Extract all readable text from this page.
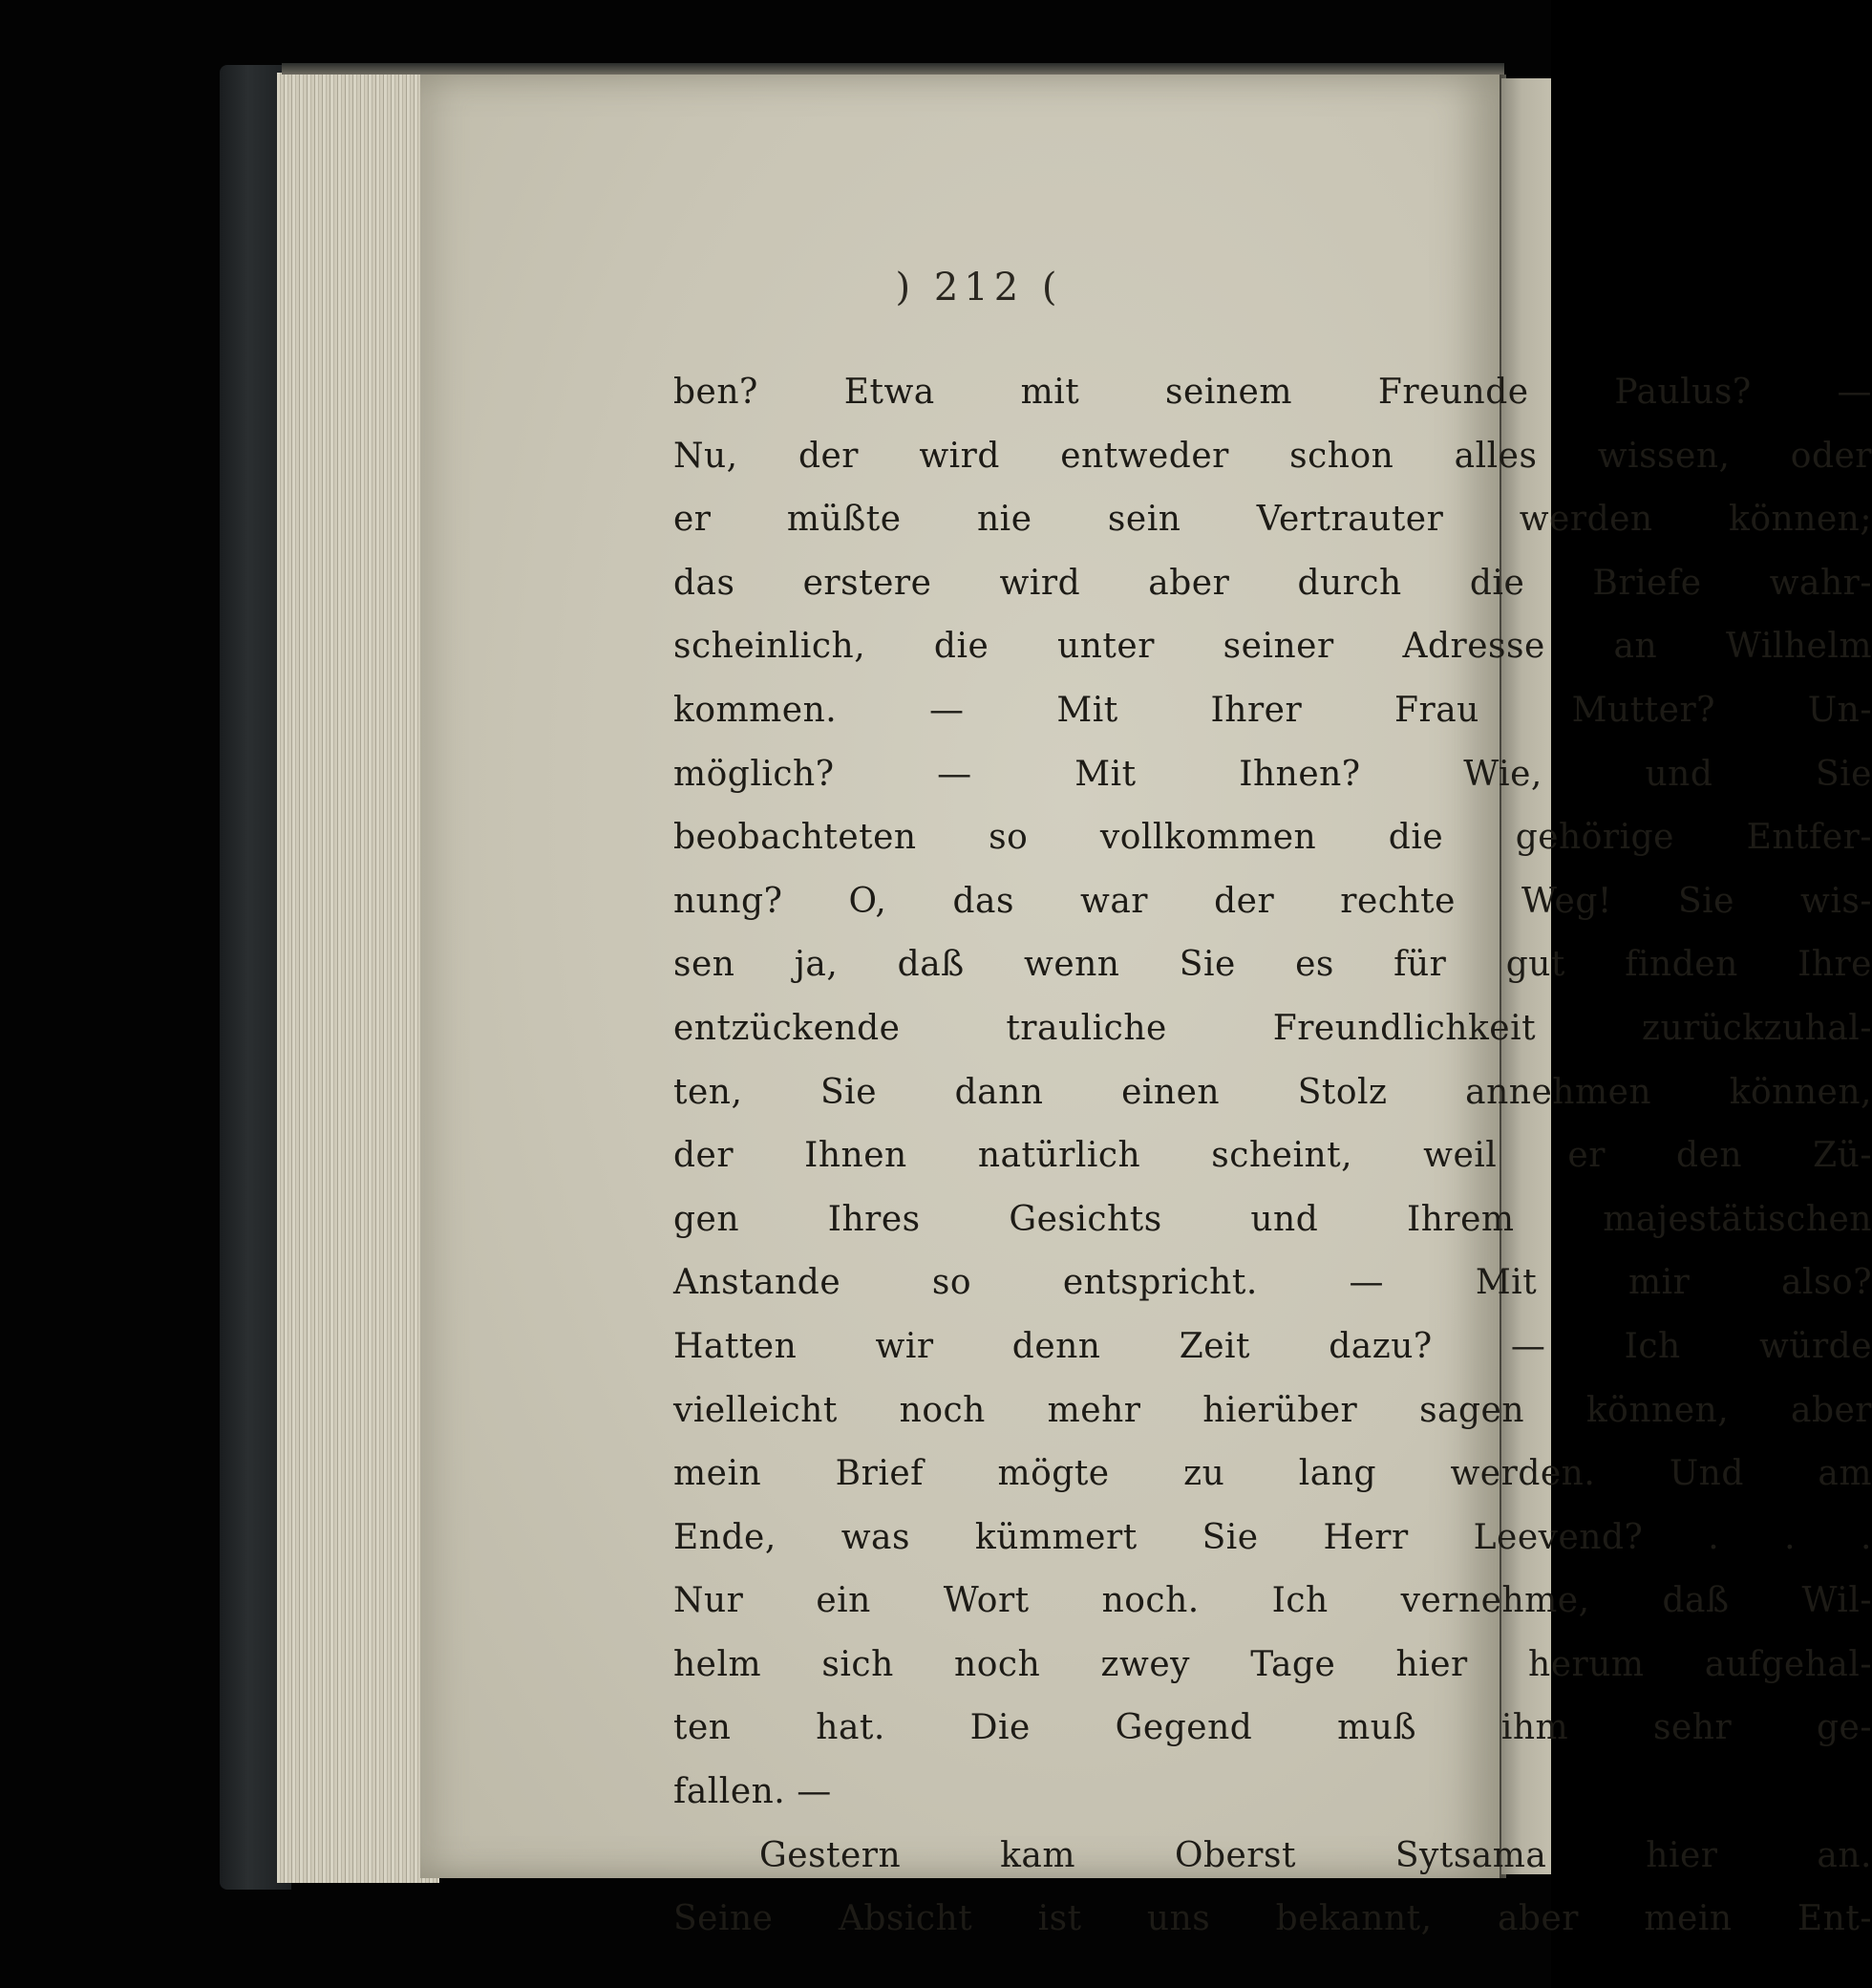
) 212 (

ben? Etwa mit seinem Freunde Paulus? —
Nu, der wird entweder schon alles wissen, oder
er müßte nie sein Vertrauter werden können;
das erstere wird aber durch die Briefe wahr-
scheinlich, die unter seiner Adresse an Wilhelm
kommen. — Mit Ihrer Frau Mutter? Un-
möglich? — Mit Ihnen? Wie, und Sie
beobachteten so vollkommen die gehörige Entfer-
nung? O, das war der rechte Weg! Sie wis-
sen ja, daß wenn Sie es für gut finden Ihre
entzückende trauliche Freundlichkeit zurückzuhal-
ten, Sie dann einen Stolz annehmen können,
der Ihnen natürlich scheint, weil er den Zü-
gen Ihres Gesichts und Ihrem majestätischen
Anstande so entspricht. — Mit mir also?
Hatten wir denn Zeit dazu? — Ich würde
vielleicht noch mehr hierüber sagen können, aber
mein Brief mögte zu lang werden. Und am
Ende, was kümmert Sie Herr Leevend? . . .
Nur ein Wort noch. Ich vernehme, daß Wil-
helm sich noch zwey Tage hier herum aufgehal-
ten hat. Die Gegend muß ihm sehr ge-
fallen. —
Gestern kam Oberst Sytsama hier an.
Seine Absicht ist uns bekannt, aber mein Ent-
